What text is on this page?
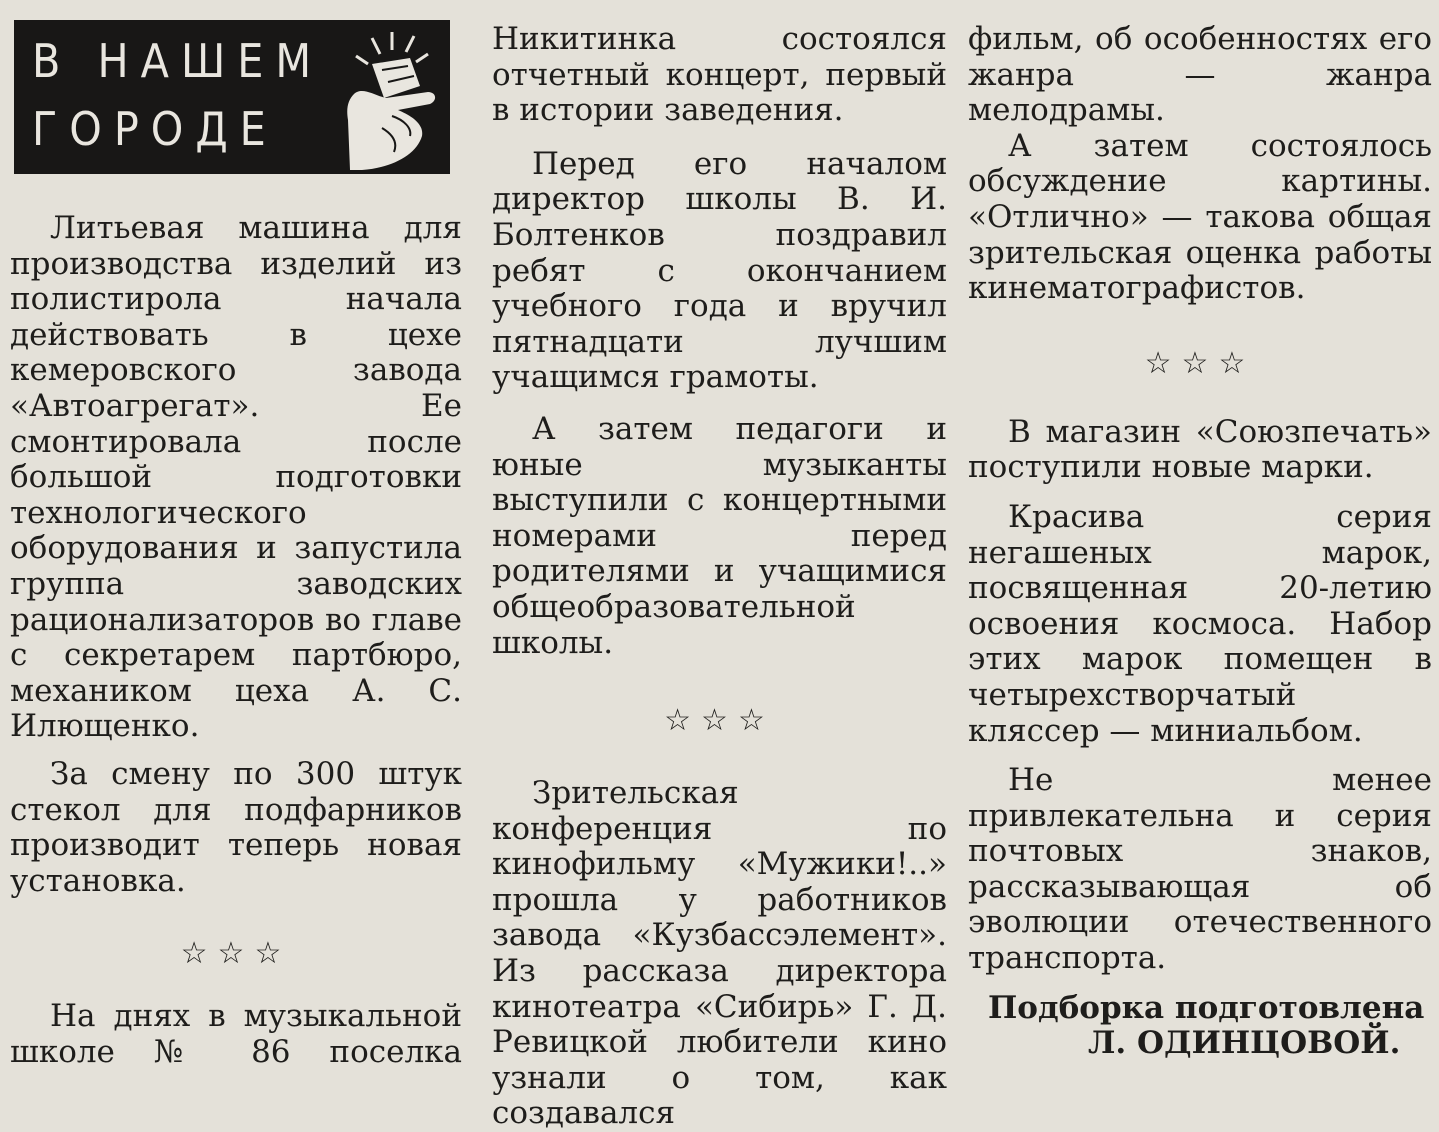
В НАШЕМ
ГОРОДЕ

Литьевая машина для производства изделий из полистирола начала действовать в цехе кемеровского завода «Автоагрегат». Ее смонтировала после большой подготовки технологического оборудования и запустила группа заводских рационализаторов во главе с секретарем партбюро, механиком цеха А. С. Илющенко.

За смену по 300 штук стекол для подфарников производит теперь новая установка.

☆☆☆

На днях в музыкальной школе № 86 поселка

Никитинка состоялся отчетный концерт, первый в истории заведения.

Перед его началом директор школы В. И. Болтенков поздравил ребят с окончанием учебного года и вручил пятнадцати лучшим учащимся грамоты.

А затем педагоги и юные музыканты выступили с концертными номерами перед родителями и учащимися общеобразовательной школы.

☆☆☆

Зрительская конференция по кинофильму «Мужики!..» прошла у работников завода «Кузбассэлемент». Из рассказа директора кинотеатра «Сибирь» Г. Д. Ревицкой любители кино узнали о том, как создавался

фильм, об особенностях его жанра — жанра мелодрамы.

А затем состоялось обсуждение картины. «Отлично» — такова общая зрительская оценка работы кинематографистов.

☆☆☆

В магазин «Союзпечать» поступили новые марки.

Красива серия негашеных марок, посвященная 20-летию освоения космоса. Набор этих марок помещен в четырехстворчатый кляссер — миниальбом.

Не менее привлекательна и серия почтовых знаков, рассказывающая об эволюции отечественного транспорта.

Подборка подготовлена

Л. ОДИНЦОВОЙ.
